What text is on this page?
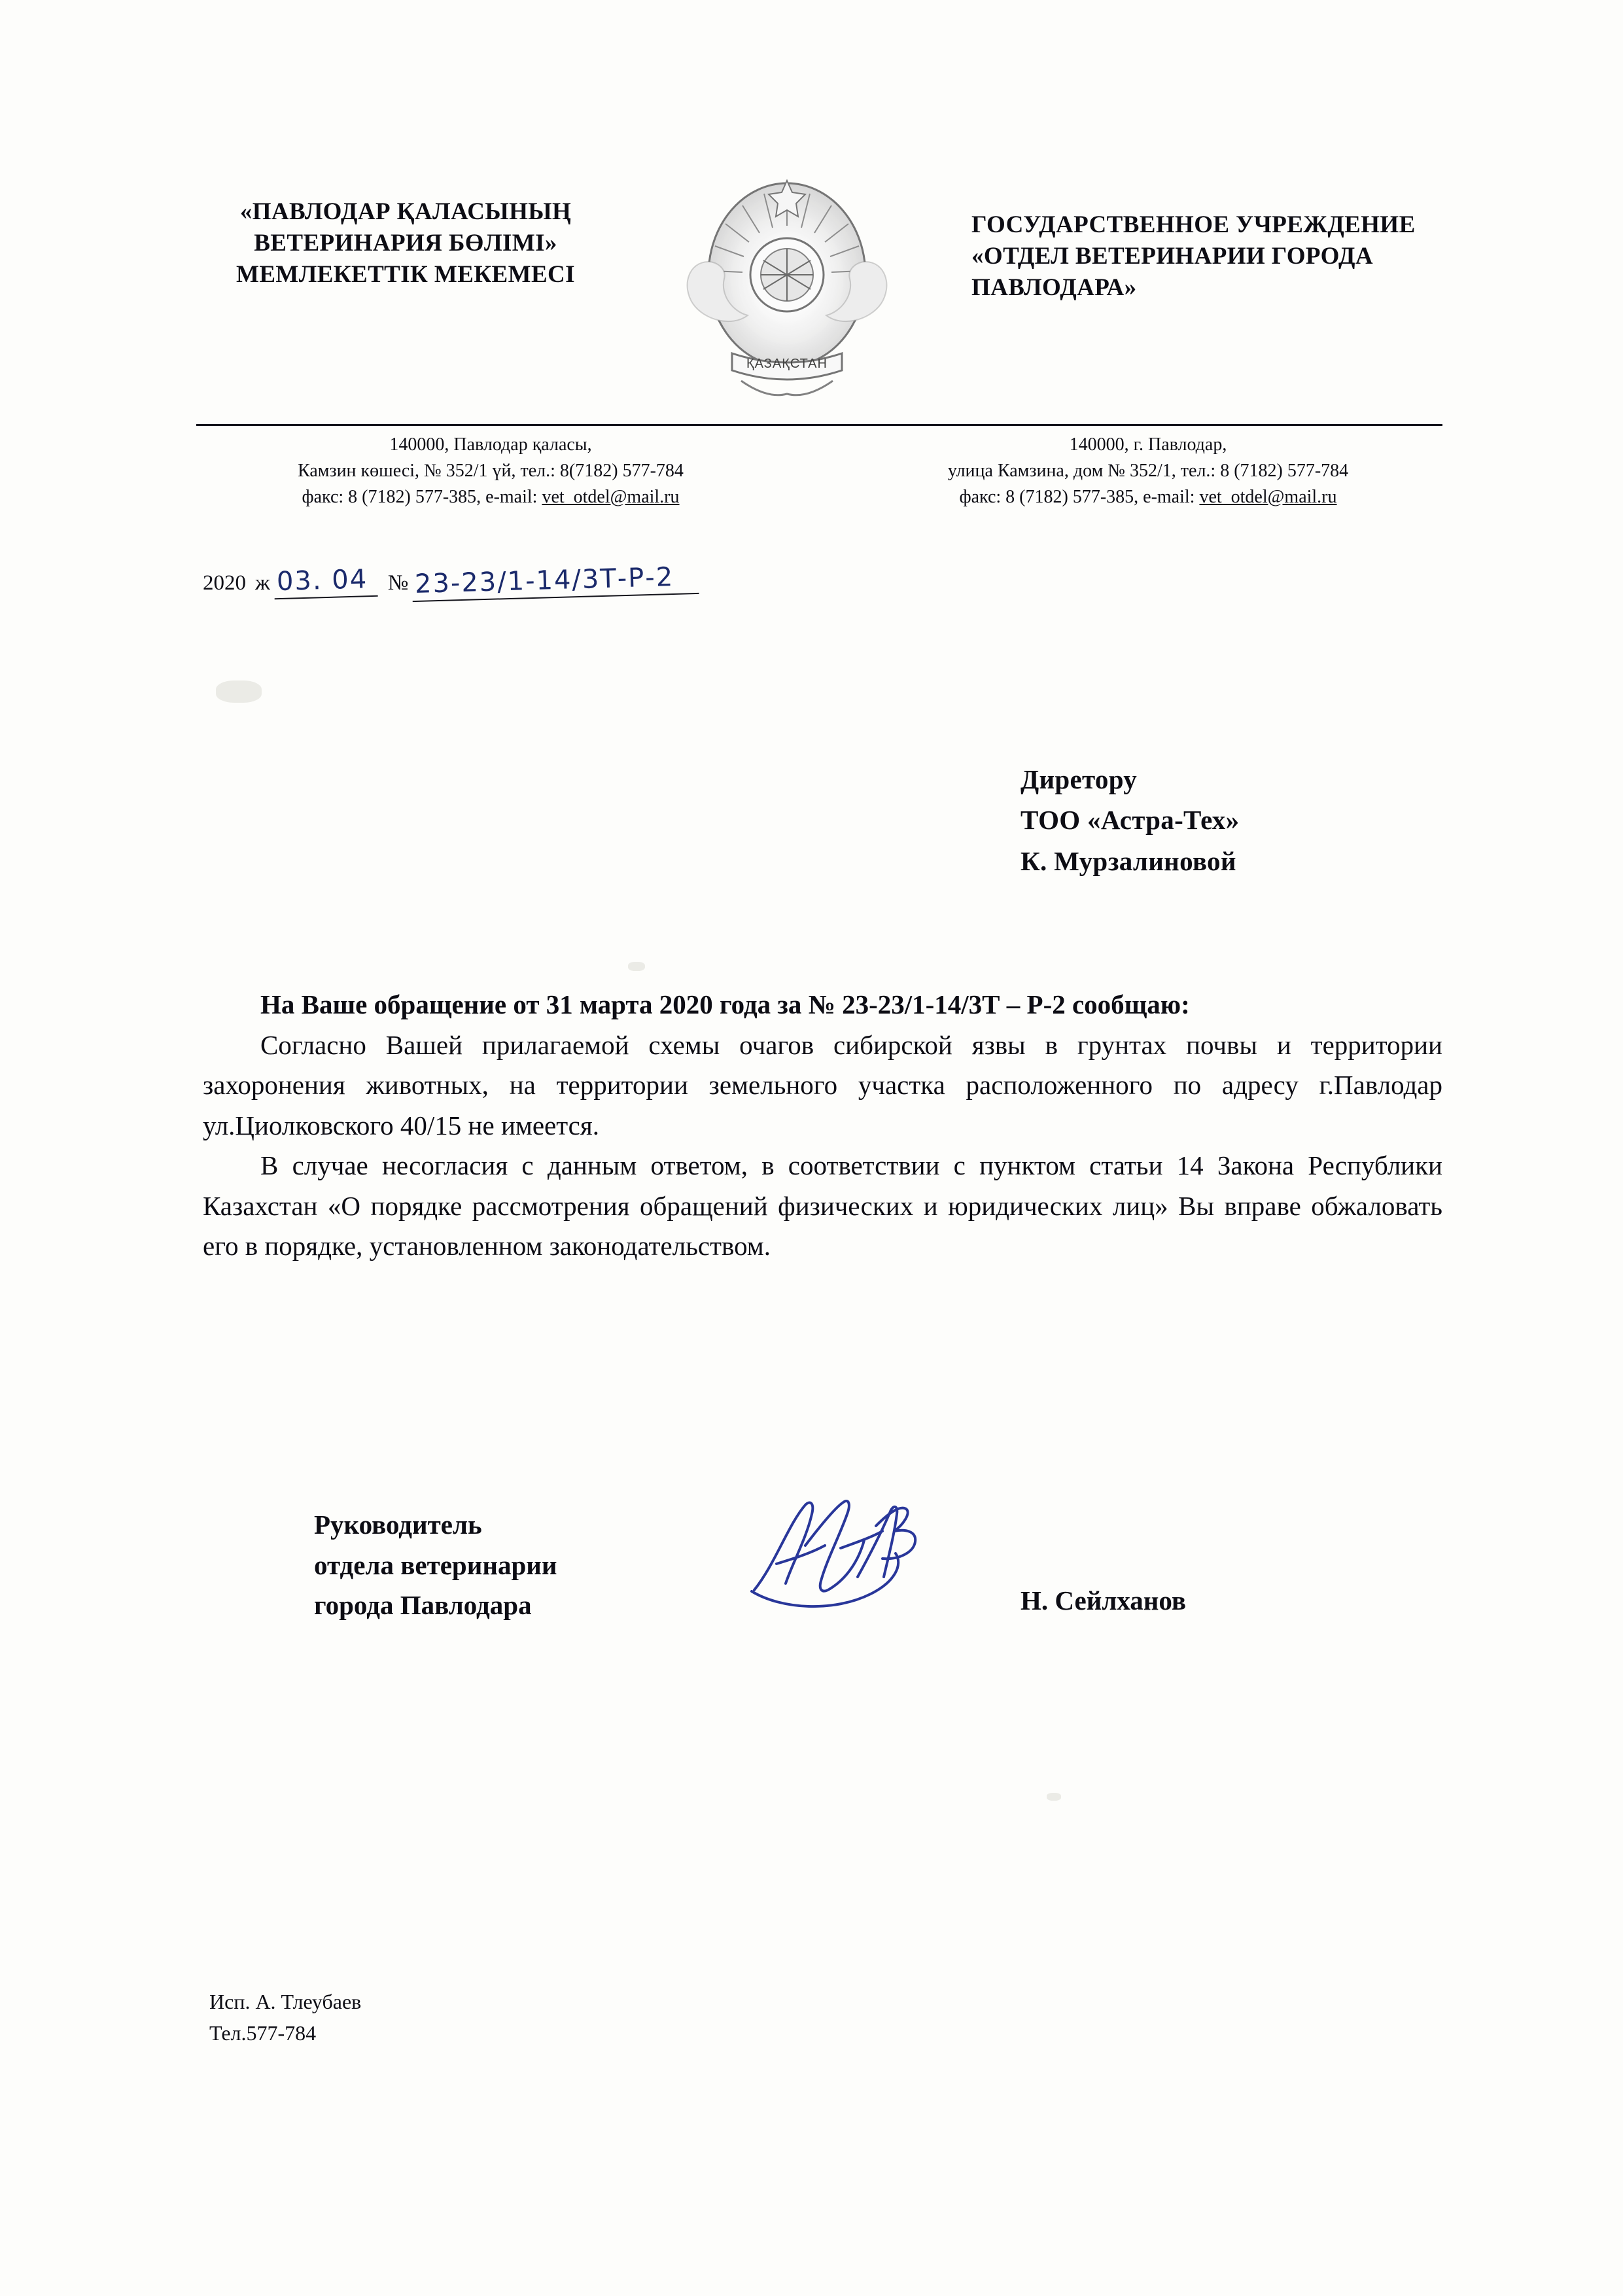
«ПАВЛОДАР ҚАЛАСЫНЫҢ ВЕТЕРИНАРИЯ БӨЛІМІ» МЕМЛЕКЕТТІК МЕКЕМЕСІ
ҚАЗАҚСТАН
ГОСУДАРСТВЕННОЕ УЧРЕЖДЕНИЕ «ОТДЕЛ ВЕТЕРИНАРИИ ГОРОДА ПАВЛОДАРА»
140000, Павлодар қаласы,
Камзин көшесі, № 352/1 үй, тел.: 8(7182) 577-784
факс: 8 (7182) 577-385, e-mail: vet_otdel@mail.ru
140000, г. Павлодар,
улица Камзина, дом № 352/1, тел.: 8 (7182) 577-784
факс: 8 (7182) 577-385, e-mail: vet_otdel@mail.ru
2020 ж 03. 04 № 23-23/1-14/3Т-Р-2
Диретору
ТОО «Астра-Тех»
К. Мурзалиновой

На Ваше обращение от 31 марта 2020 года за № 23-23/1-14/3Т – Р-2 сообщаю:

Согласно Вашей прилагаемой схемы очагов сибирской язвы в грунтах почвы и территории захоронения животных, на территории земельного участка расположенного по адресу г.Павлодар ул.Циолковского 40/15 не имеется.

В случае несогласия с данным ответом, в соответствии с пунктом статьи 14 Закона Республики Казахстан «О порядке рассмотрения обращений физических и юридических лиц» Вы вправе обжаловать его в порядке, установленном законодательством.

Руководитель
отдела ветеринарии
города Павлодара	Н. Сейлханов
Исп. А. Тлеубаев
Тел.577-784
